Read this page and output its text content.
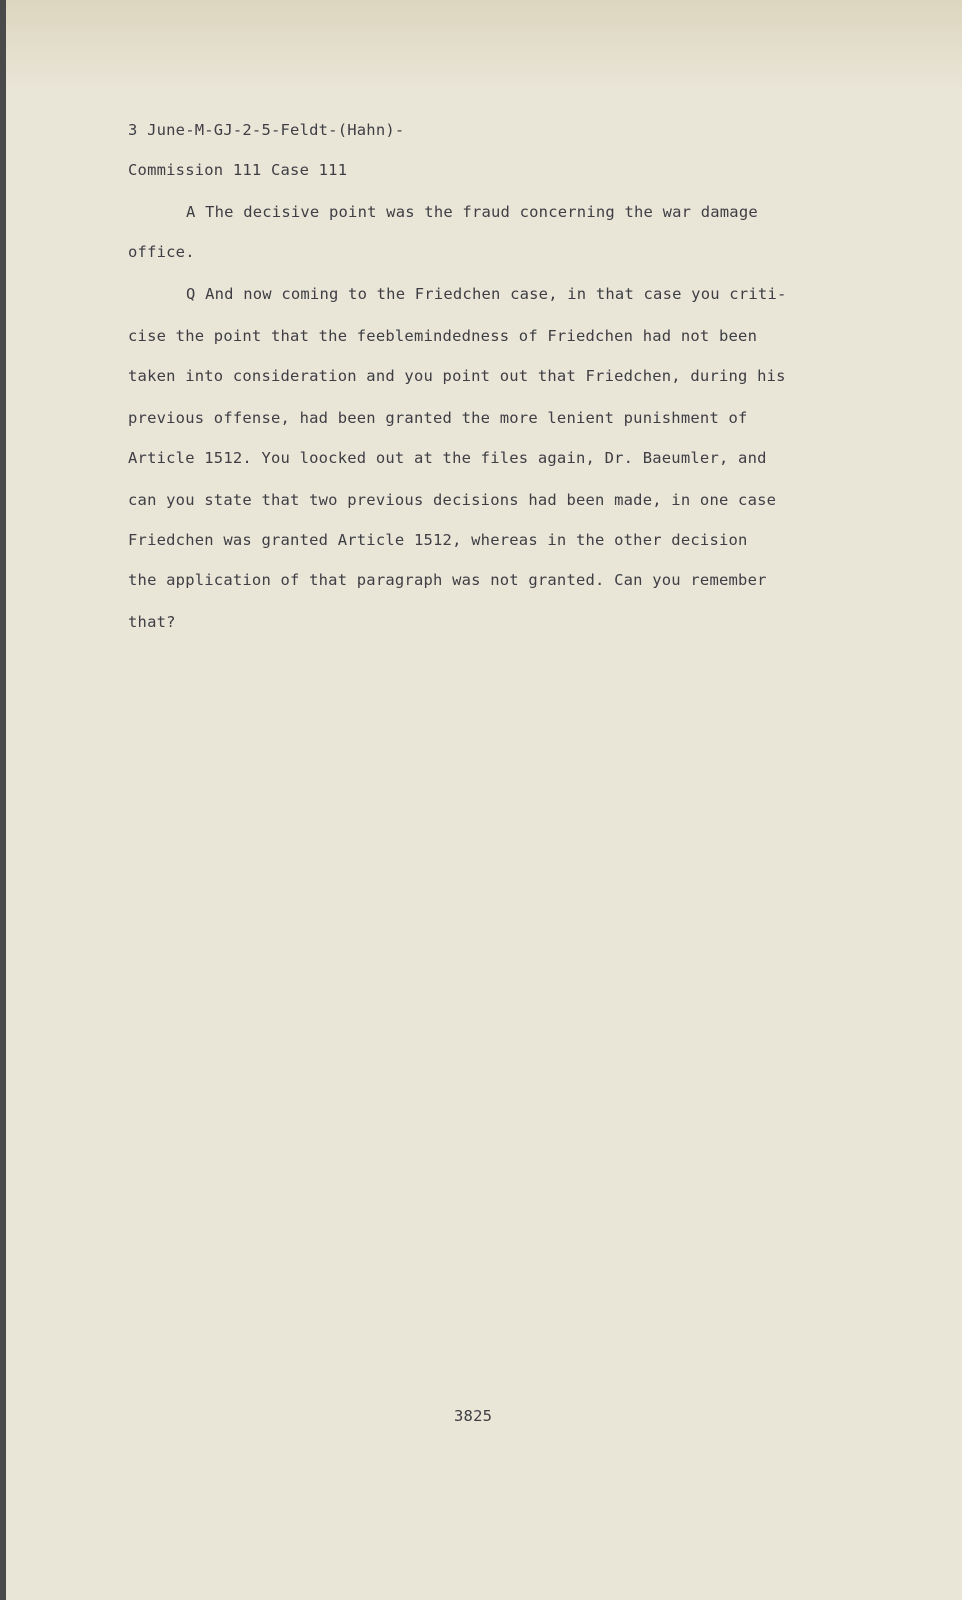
3 June-M-GJ-2-5-Feldt-(Hahn)-
Commission 111 Case 111
A The decisive point was the fraud concerning the war damage
office.
Q And now coming to the Friedchen case, in that case you criti-
cise the point that the feeblemindedness of Friedchen had not been
taken into consideration and you point out that Friedchen, during his
previous offense, had been granted the more lenient punishment of
Article 1512. You loocked out at the files again, Dr. Baeumler, and
can you state that two previous decisions had been made, in one case
Friedchen was granted Article 1512, whereas in the other decision
the application of that paragraph was not granted. Can you remember
that?
3825
